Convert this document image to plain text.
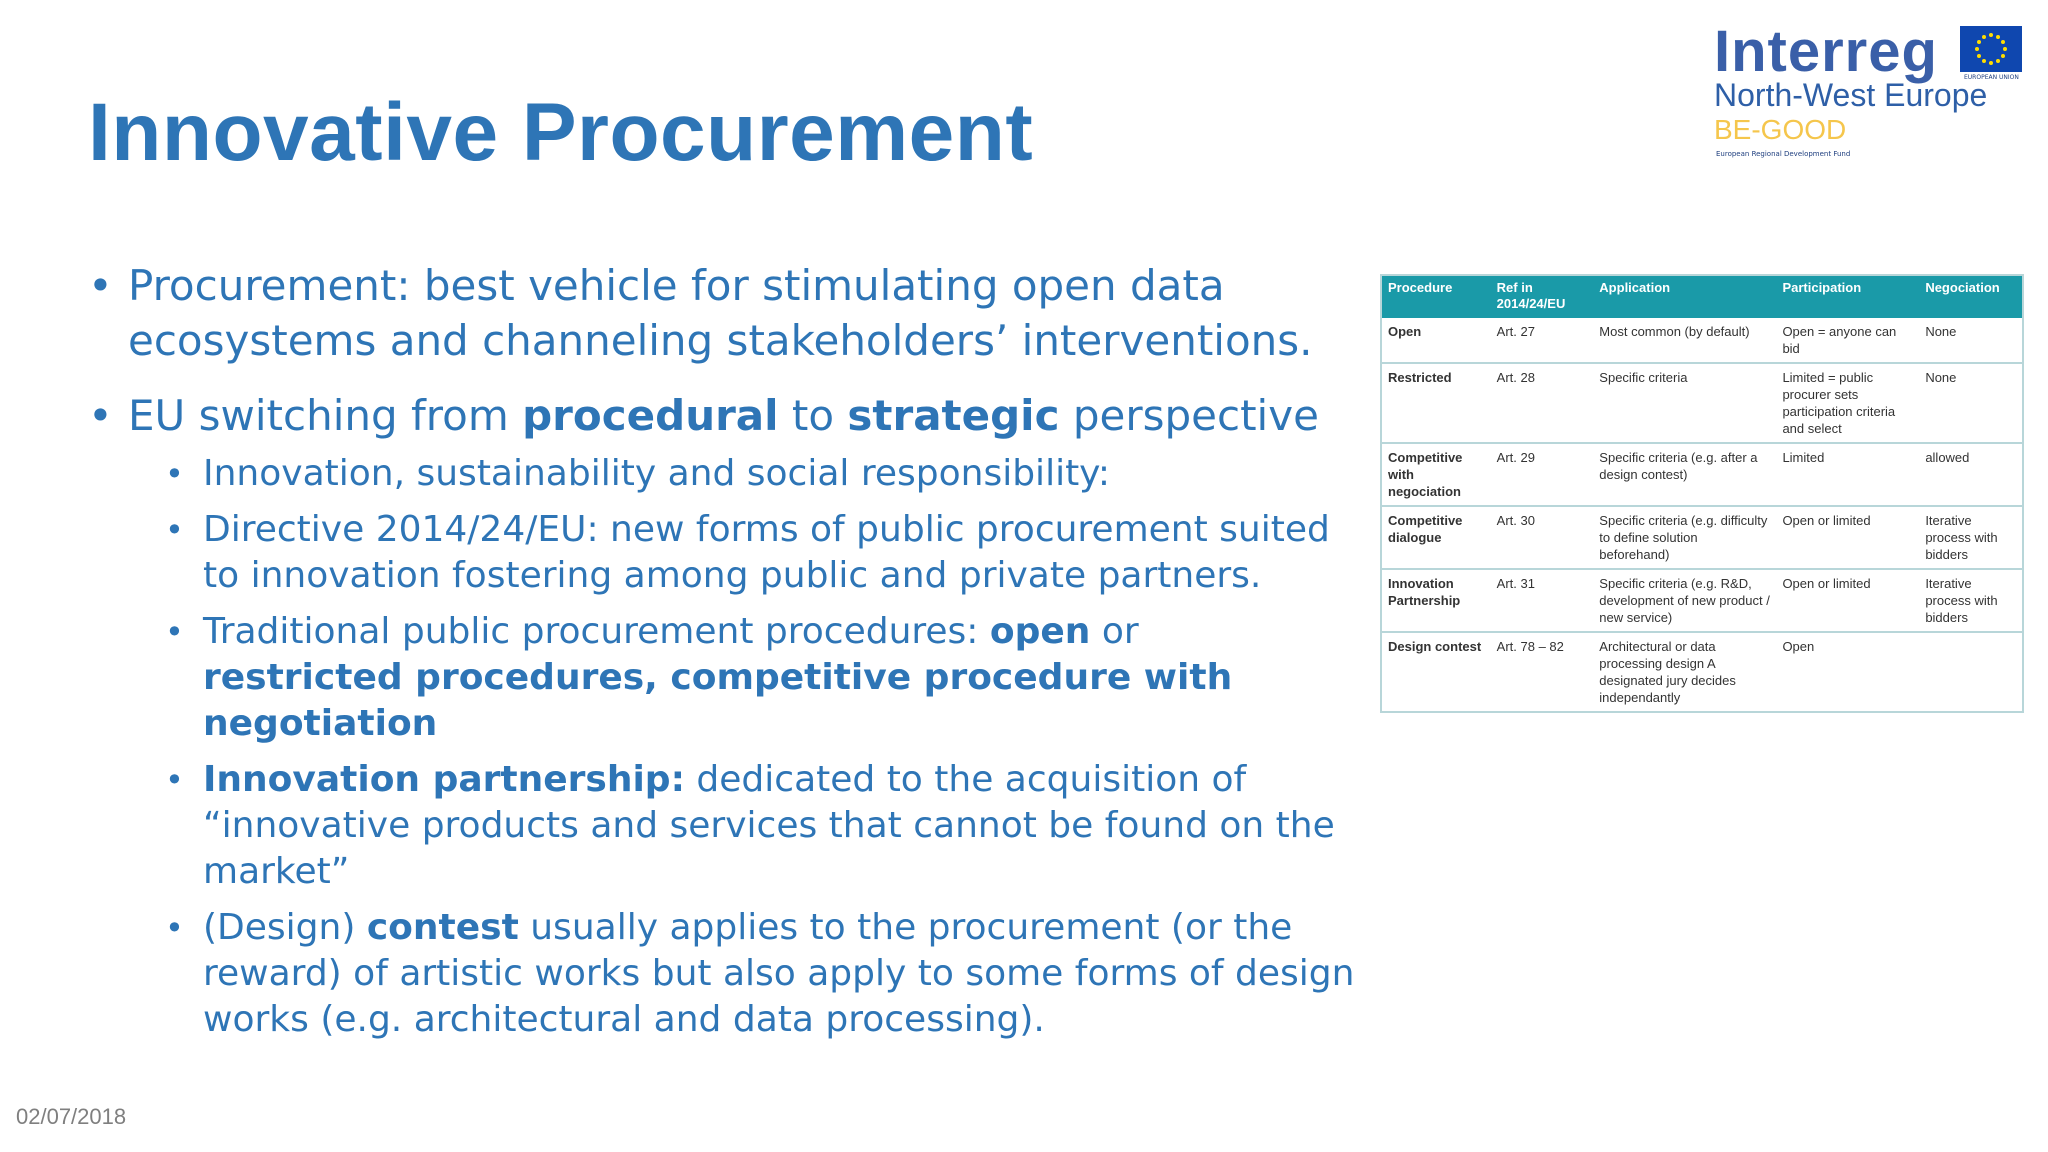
Innovative Procurement
Interreg	EUROPEAN UNION
North-West Europe
BE-GOOD
European Regional Development Fund
• Procurement: best vehicle for stimulating open data ecosystems and channeling stakeholders’ interventions.
• EU switching from procedural to strategic perspective
• Innovation, sustainability and social responsibility:
• Directive 2014/24/EU: new forms of public procurement suited to innovation fostering among public and private partners.
• Traditional public procurement procedures: open or restricted procedures, competitive procedure with negotiation
• Innovation partnership: dedicated to the acquisition of “innovative products and services that cannot be found on the market”
• (Design) contest usually applies to the procurement (or the reward) of artistic works but also apply to some forms of design works (e.g. architectural and data processing).
Procedure	Ref in 2014/24/EU	Application	Participation	Negociation
Open	Art. 27	Most common (by default)	Open = anyone can bid	None
Restricted	Art. 28	Specific criteria	Limited = public procurer sets participation criteria and select	None
Competitive with negociation	Art. 29	Specific criteria (e.g. after a design contest)	Limited	allowed
Competitive dialogue	Art. 30	Specific criteria (e.g. difficulty to define solution beforehand)	Open or limited	Iterative process with bidders
Innovation Partnership	Art. 31	Specific criteria (e.g. R&D, development of new product / new service)	Open or limited	Iterative process with bidders
Design contest	Art. 78 – 82	Architectural or data processing design A designated jury decides independantly	Open	
02/07/2018
